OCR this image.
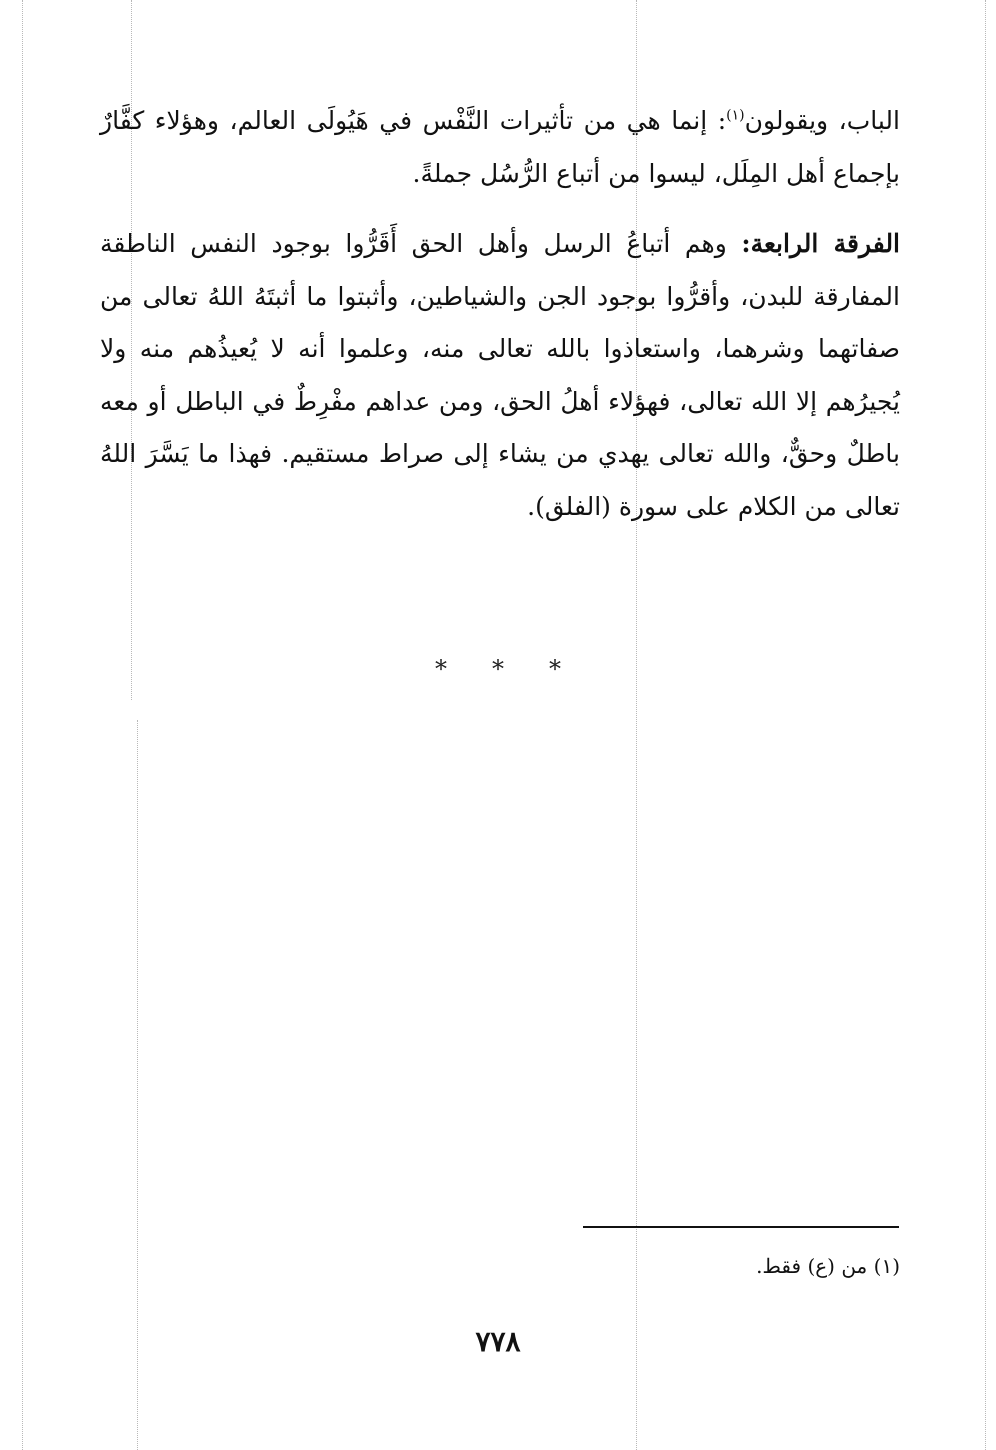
الباب، ويقولون$^{(١)}$: إنما هي من تأثيرات النَّفْس في هَيُولَى العالم، وهؤلاء كفَّارٌ بإجماع أهل المِلَل، ليسوا من أتباع الرُّسُل جملةً.

الفرقة الرابعة: وهم أتباعُ الرسل وأهل الحق أَقَرُّوا بوجود النفس الناطقة المفارقة للبدن، وأقرُّوا بوجود الجن والشياطين، وأثبتوا ما أثبتَهُ اللهُ تعالى من صفاتهما وشرهما، واستعاذوا بالله تعالى منه، وعلموا أنه لا يُعيذُهم منه ولا يُجيرُهم إلا الله تعالى، فهؤلاء أهلُ الحق، ومن عداهم مفْرِطٌ في الباطل أو معه باطلٌ وحقٌّ، والله تعالى يهدي من يشاء إلى صراط مستقيم. فهذا ما يَسَّرَ اللهُ تعالى من الكلام على سورة (الفلق).

***
(١) من (ع) فقط.
٧٧٨
